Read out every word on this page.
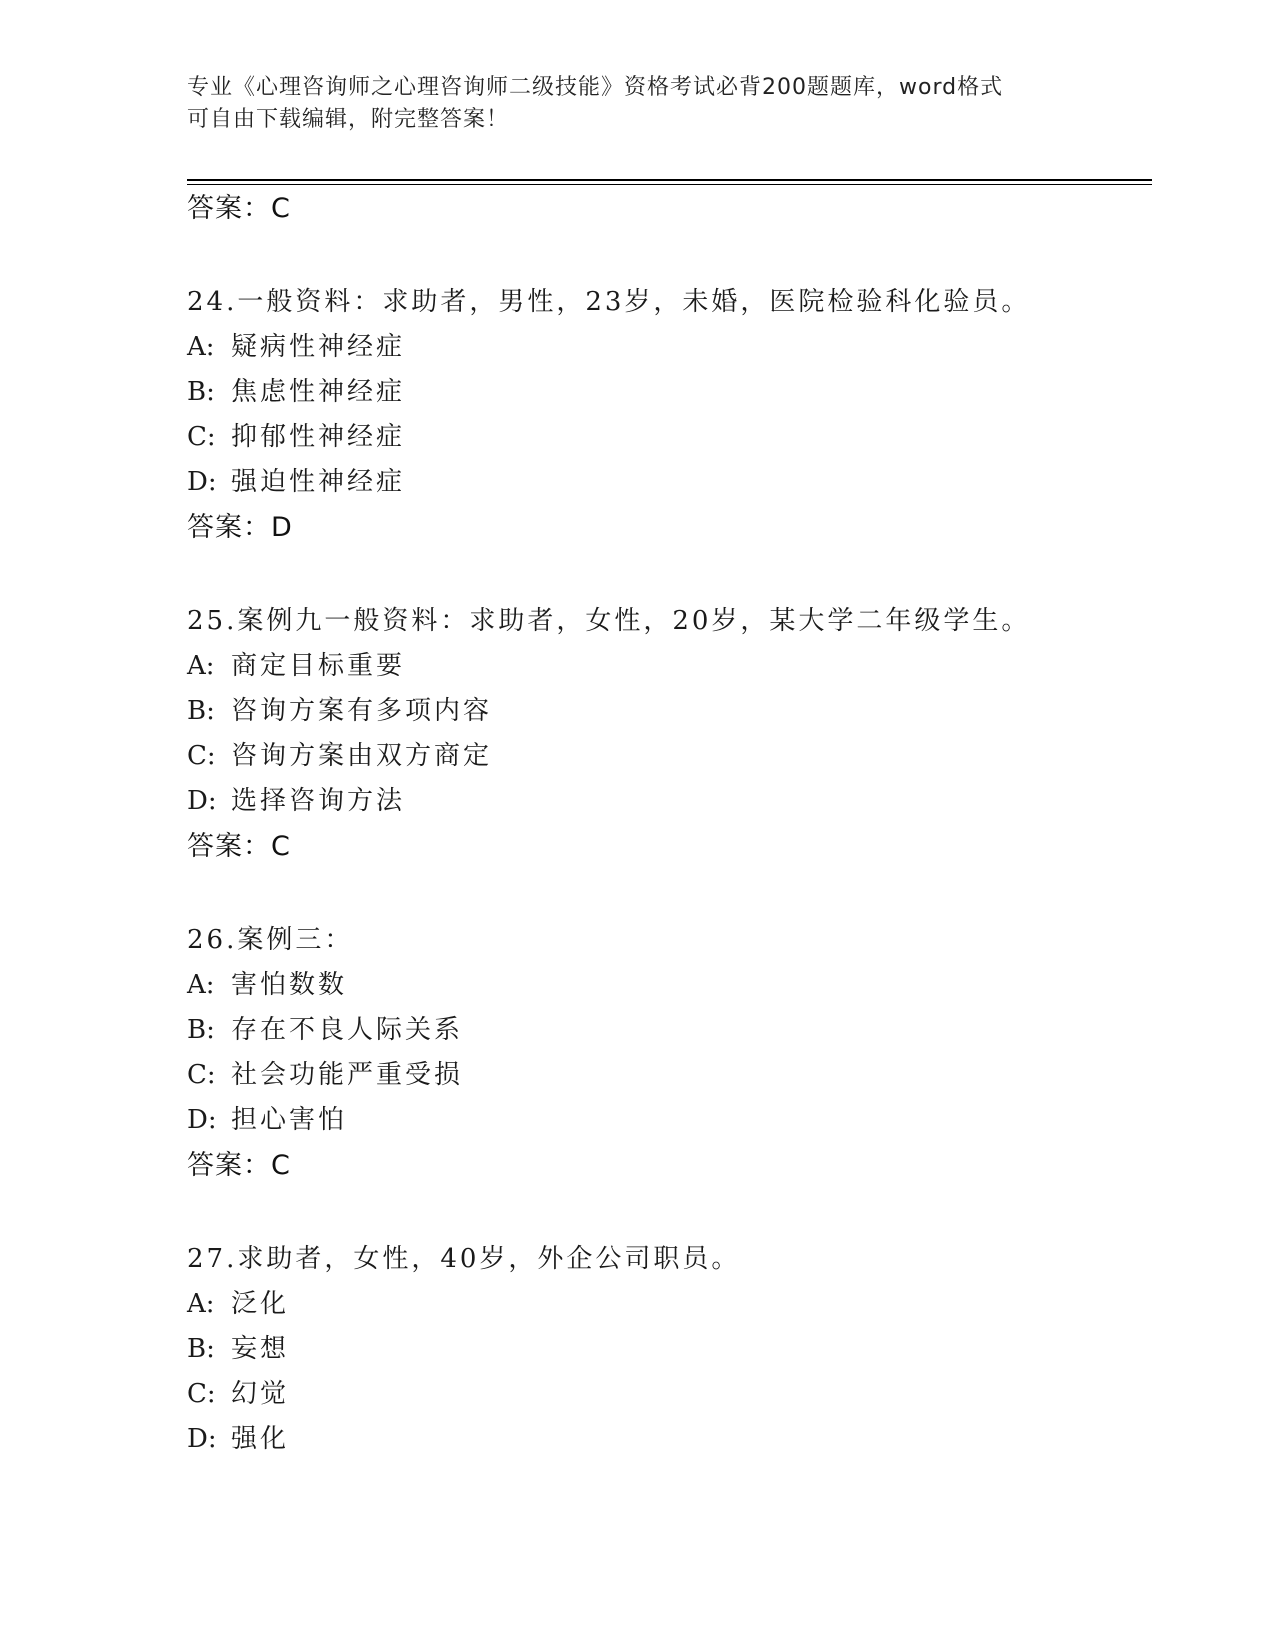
专业《心理咨询师之心理咨询师二级技能》资格考试必背200题题库，word格式
可自由下载编辑，附完整答案！
答案：C
24.一般资料：求助者，男性，23岁，未婚，医院检验科化验员。
A: 疑病性神经症
B: 焦虑性神经症
C: 抑郁性神经症
D: 强迫性神经症
答案：D
25.案例九一般资料：求助者，女性，20岁，某大学二年级学生。
A: 商定目标重要
B: 咨询方案有多项内容
C: 咨询方案由双方商定
D: 选择咨询方法
答案：C
26.案例三：
A: 害怕数数
B: 存在不良人际关系
C: 社会功能严重受损
D: 担心害怕
答案：C
27.求助者，女性，40岁，外企公司职员。
A: 泛化
B: 妄想
C: 幻觉
D: 强化
